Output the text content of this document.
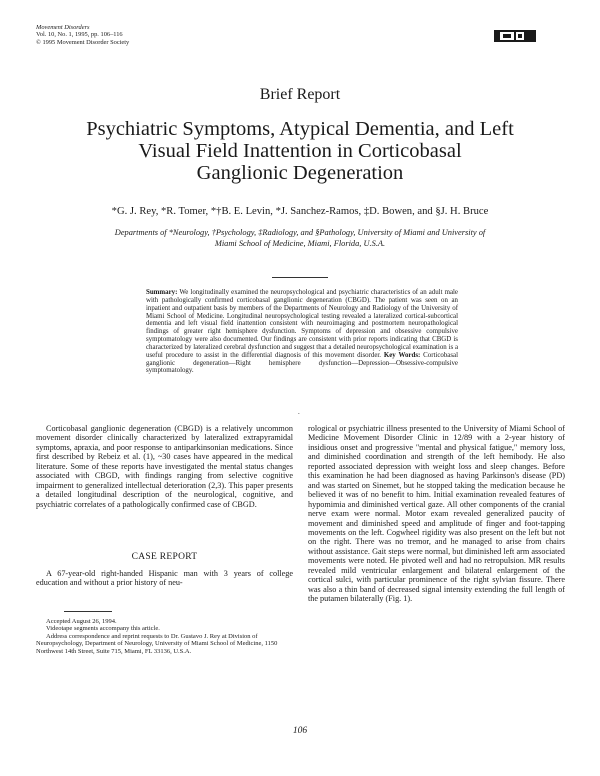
Movement Disorders
Vol. 10, No. 1, 1995, pp. 106–116
© 1995 Movement Disorder Society
Brief Report
Psychiatric Symptoms, Atypical Dementia, and Left
Visual Field Inattention in Corticobasal
Ganglionic Degeneration
*G. J. Rey, *R. Tomer, *†B. E. Levin, *J. Sanchez-Ramos, ‡D. Bowen, and §J. H. Bruce
Departments of *Neurology, †Psychology, ‡Radiology, and §Pathology, University of Miami and University of
Miami School of Medicine, Miami, Florida, U.S.A.
Summary: We longitudinally examined the neuropsychological and psychiatric characteristics of an adult male with pathologically confirmed corticobasal ganglionic degeneration (CBGD). The patient was seen on an inpatient and outpatient basis by members of the Departments of Neurology and Radiology of the University of Miami School of Medicine. Longitudinal neuropsychological testing revealed a lateralized cortical-subcortical dementia and left visual field inattention consistent with neuroimaging and postmortem neuropathological findings of greater right hemisphere dysfunction. Symptoms of depression and obsessive compulsive symptomatology were also documented. Our findings are consistent with prior reports indicating that CBGD is characterized by lateralized cerebral dysfunction and suggest that a detailed neuropsychological examination is a useful procedure to assist in the differential diagnosis of this movement disorder. Key Words: Corticobasal ganglionic degeneration—Right hemisphere dysfunction—Depression—Obsessive-compulsive symptomatology.
.

Corticobasal ganglionic degeneration (CBGD) is a relatively uncommon movement disorder clinically characterized by lateralized extrapyramidal symptoms, apraxia, and poor response to antiparkinsonian medications. Since first described by Rebeiz et al. (1), ~30 cases have appeared in the medical literature. Some of these reports have investigated the mental status changes associated with CBGD, with findings ranging from selective cognitive impairment to generalized intellectual deterioration (2,3). This paper presents a detailed longitudinal description of the neurological, cognitive, and psychiatric correlates of a pathologically confirmed case of CBGD.

CASE REPORT

A 67-year-old right-handed Hispanic man with 3 years of college education and without a prior history of neu-

Accepted August 26, 1994.

Videotape segments accompany this article.

Address correspondence and reprint requests to Dr. Gustavo J. Rey at Division of Neuropsychology, Department of Neurology, University of Miami School of Medicine, 1150 Northwest 14th Street, Suite 715, Miami, FL 33136, U.S.A.

rological or psychiatric illness presented to the University of Miami School of Medicine Movement Disorder Clinic in 12/89 with a 2-year history of insidious onset and progressive "mental and physical fatigue," memory loss, and diminished coordination and strength of the left hemibody. He also reported associated depression with weight loss and sleep changes. Before this examination he had been diagnosed as having Parkinson's disease (PD) and was started on Sinemet, but he stopped taking the medication because he believed it was of no benefit to him. Initial examination revealed features of hypomimia and diminished vertical gaze. All other components of the cranial nerve exam were normal. Motor exam revealed generalized paucity of movement and diminished speed and amplitude of finger and foot-tapping movements on the left. Cogwheel rigidity was also present on the left but not on the right. There was no tremor, and he managed to arise from chairs without assistance. Gait steps were normal, but diminished left arm associated movements were noted. He pivoted well and had no retropulsion. MR results revealed mild ventricular enlargement and bilateral enlargement of the cortical sulci, with particular prominence of the right sylvian fissure. There was also a thin band of decreased signal intensity extending the full length of the putamen bilaterally (Fig. 1).

106
